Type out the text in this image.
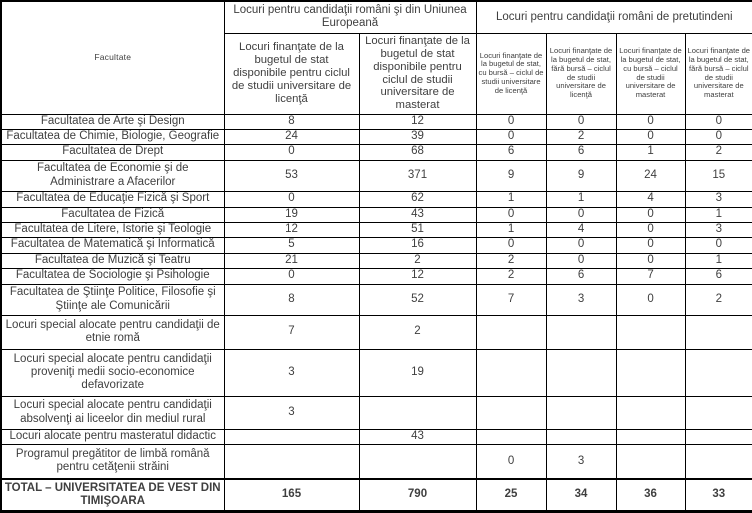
Facultate	Locuri pentru candidaţii români şi din Uniunea Europeană		Locuri pentru candidaţii români de pretutindeni			
	Locuri finanţate de la bugetul de stat disponibile pentru ciclul de studii universitare de licenţă	Locuri finanţate de la bugetul de stat disponibile pentru ciclul de studii universitare de masterat	Locuri finanţate de la bugetul de stat, cu bursă – ciclul de studii universitare de licenţă	Locuri finanţate de la bugetul de stat, fără bursă – ciclul de studii universitare de licenţă	Locuri finanţate de la bugetul de stat, cu bursă – ciclul de studii universitare de masterat	Locuri finanţate de la bugetul de stat, fără bursă – ciclul de studii universitare de masterat
Facultatea de Arte şi Design	8	12	0	0	0	0
Facultatea de Chimie, Biologie, Geografie	24	39	0	2	0	0
Facultatea de Drept	0	68	6	6	1	2
Facultatea de Economie şi de Administrare a Afacerilor	53	371	9	9	24	15
Facultatea de Educaţie Fizică şi Sport	0	62	1	1	4	3
Facultatea de Fizică	19	43	0	0	0	1
Facultatea de Litere, Istorie şi Teologie	12	51	1	4	0	3
Facultatea de Matematică şi Informatică	5	16	0	0	0	0
Facultatea de Muzică şi Teatru	21	2	2	0	0	1
Facultatea de Sociologie şi Psihologie	0	12	2	6	7	6
Facultatea de Ştiinţe Politice, Filosofie şi Ştiinţe ale Comunicării	8	52	7	3	0	2
Locuri special alocate pentru candidaţii de etnie romă	7	2				
Locuri special alocate pentru candidaţii proveniţi medii socio-economice defavorizate	3	19				
Locuri special alocate pentru candidaţii absolvenţi ai liceelor din mediul rural	3					
Locuri alocate pentru masteratul didactic		43				
Programul pregătitor de limbă română pentru cetăţenii străini			0	3		
TOTAL – UNIVERSITATEA DE VEST DIN TIMIŞOARA	165	790	25	34	36	33
